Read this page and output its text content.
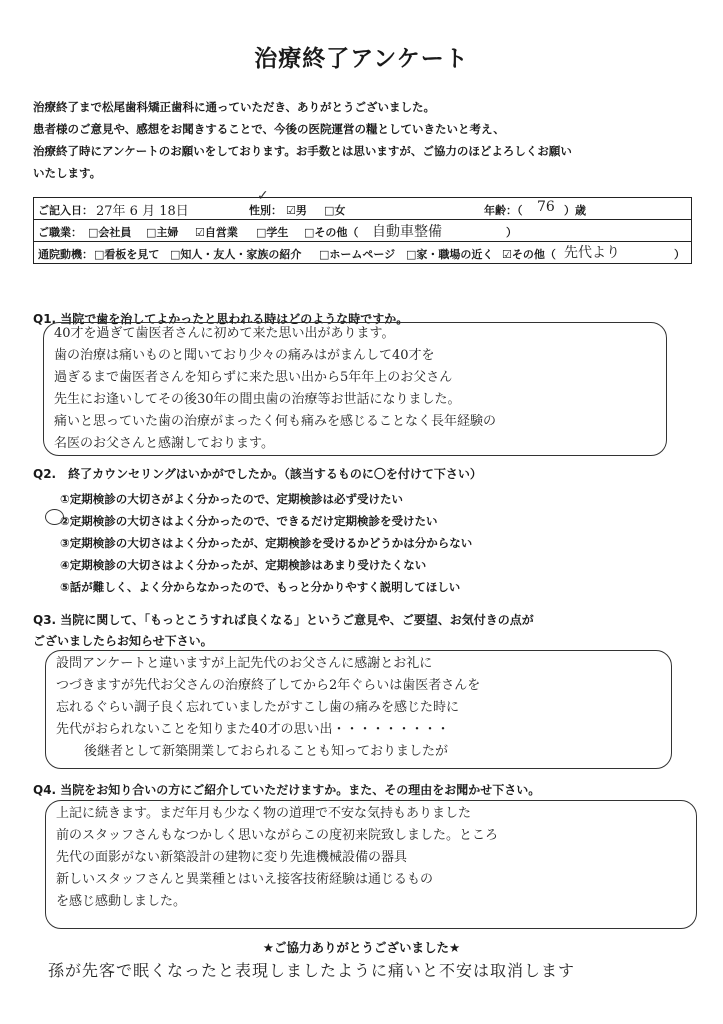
治療終了アンケート
治療終了まで松尾歯科矯正歯科に通っていただき、ありがとうございました。
患者様のご意見や、感想をお聞きすることで、今後の医院運営の糧としていきたいと考え、
治療終了時にアンケートのお願いをしております。お手数とは思いますが、ご協力のほどよろしくお願い
いたします。
✓
ご記入日： 27年 6 月 18日	性別： ☑男 □女	年齢：（ 76 ）歳
ご職業： □会社員 □主婦 ☑自営業 □学生 □その他（ 自動車整備	）
通院動機： □看板を見て □知人・友人・家族の紹介 □ホームページ □家・職場の近く ☑その他（ 先代より	）
Q1. 当院で歯を治してよかったと思われる時はどのような時ですか。
40才を過ぎて歯医者さんに初めて来た思い出があります。
歯の治療は痛いものと聞いており少々の痛みはがまんして40才を
過ぎるまで歯医者さんを知らずに来た思い出から5年年上のお父さん
先生にお逢いしてその後30年の間虫歯の治療等お世話になりました。
痛いと思っていた歯の治療がまったく何も痛みを感じることなく長年経験の
名医のお父さんと感謝しております。
Q2.　終了カウンセリングはいかがでしたか。（該当するものに〇を付けて下さい）
①定期検診の大切さがよく分かったので、定期検診は必ず受けたい
②定期検診の大切さはよく分かったので、できるだけ定期検診を受けたい
③定期検診の大切さはよく分かったが、定期検診を受けるかどうかは分からない
④定期検診の大切さはよく分かったが、定期検診はあまり受けたくない
⑤話が難しく、よく分からなかったので、もっと分かりやすく説明してほしい
Q3. 当院に関して、「もっとこうすれば良くなる」というご意見や、ご要望、お気付きの点が
ございましたらお知らせ下さい。
設問アンケートと違いますが上記先代のお父さんに感謝とお礼に
つづきますが先代お父さんの治療終了してから2年ぐらいは歯医者さんを
忘れるぐらい調子良く忘れていましたがすこし歯の痛みを感じた時に
先代がおられないことを知りまた40才の思い出・・・・・・・・・
後継者として新築開業しておられることも知っておりましたが
Q4. 当院をお知り合いの方にご紹介していただけますか。また、その理由をお聞かせ下さい。
上記に続きます。まだ年月も少なく物の道理で不安な気持もありました
前のスタッフさんもなつかしく思いながらこの度初来院致しました。ところ
先代の面影がない新築設計の建物に変り先進機械設備の器具
新しいスタッフさんと異業種とはいえ接客技術経験は通じるもの
を感じ感動しました。
★ご協力ありがとうございました★
孫が先客で眠くなったと表現しましたように痛いと不安は取消します
